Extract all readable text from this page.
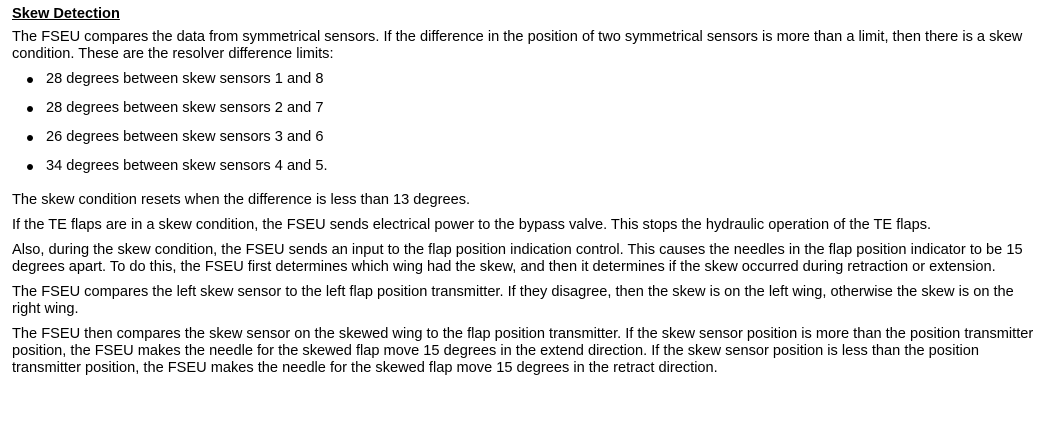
Skew Detection

The FSEU compares the data from symmetrical sensors. If the difference in the position of two symmetrical sensors is more than a limit, then there is a skew condition. These are the resolver difference limits:

28 degrees between skew sensors 1 and 8
28 degrees between skew sensors 2 and 7
26 degrees between skew sensors 3 and 6
34 degrees between skew sensors 4 and 5.

The skew condition resets when the difference is less than 13 degrees.

If the TE flaps are in a skew condition, the FSEU sends electrical power to the bypass valve. This stops the hydraulic operation of the TE flaps.

Also, during the skew condition, the FSEU sends an input to the flap position indication control. This causes the needles in the flap position indicator to be 15 degrees apart. To do this, the FSEU first determines which wing had the skew, and then it determines if the skew occurred during retraction or extension.

The FSEU compares the left skew sensor to the left flap position transmitter. If they disagree, then the skew is on the left wing, otherwise the skew is on the right wing.

The FSEU then compares the skew sensor on the skewed wing to the flap position transmitter. If the skew sensor position is more than the position transmitter position, the FSEU makes the needle for the skewed flap move 15 degrees in the extend direction. If the skew sensor position is less than the position transmitter position, the FSEU makes the needle for the skewed flap move 15 degrees in the retract direction.
